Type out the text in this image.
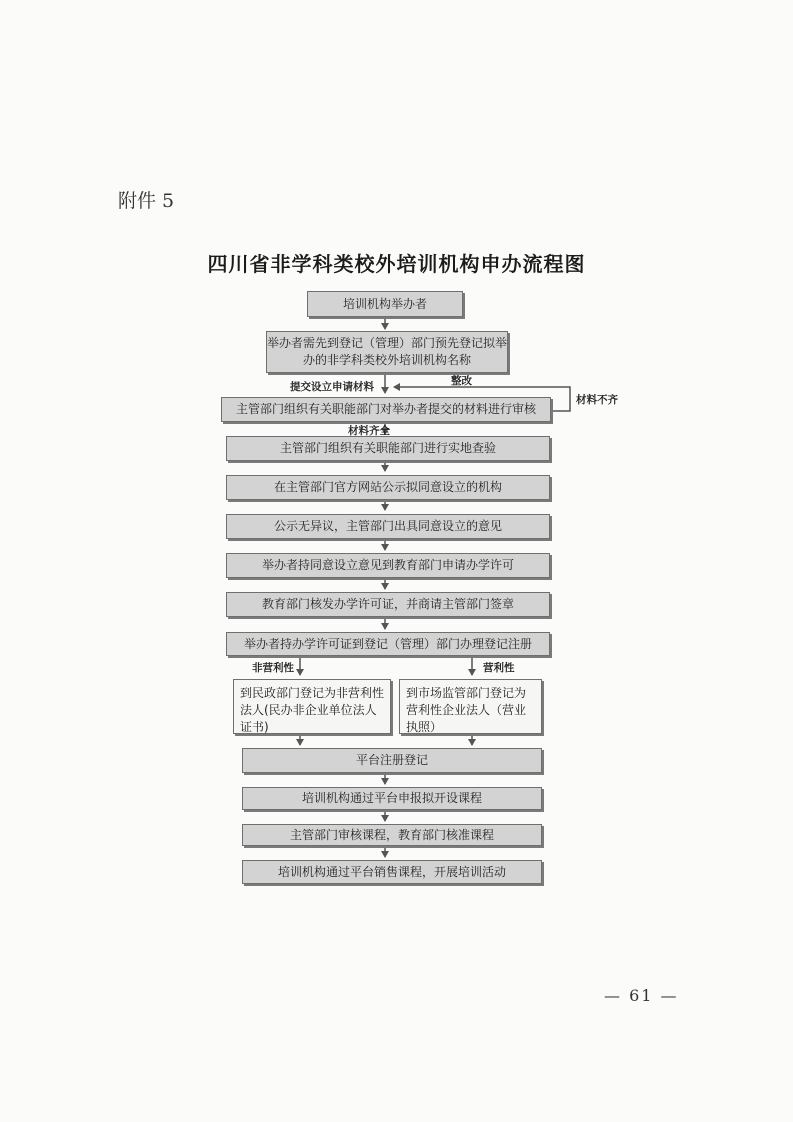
附件 5
四川省非学科类校外培训机构申办流程图
培训机构举办者
举办者需先到登记（管理）部门预先登记拟举办的非学科类校外培训机构名称
主管部门组织有关职能部门对举办者提交的材料进行审核
主管部门组织有关职能部门进行实地查验
在主管部门官方网站公示拟同意设立的机构
公示无异议，主管部门出具同意设立的意见
举办者持同意设立意见到教育部门申请办学许可
教育部门核发办学许可证，并商请主管部门签章
举办者持办学许可证到登记（管理）部门办理登记注册
到民政部门登记为非营利性法人(民办非企业单位法人证书)
到市场监管部门登记为营利性企业法人（营业执照）
平台注册登记
培训机构通过平台申报拟开设课程
主管部门审核课程，教育部门核准课程
培训机构通过平台销售课程，开展培训活动
提交设立申请材料	整改
材料不齐
材料齐全
非营利性	营利性
— 61 —
